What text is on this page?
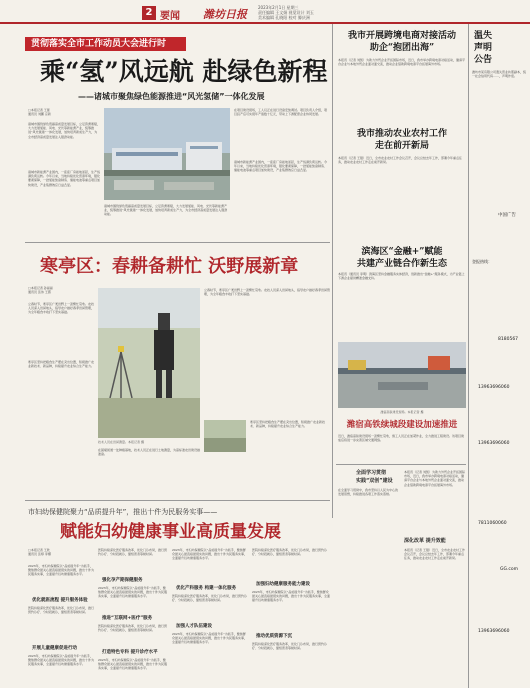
2 要闻 潍坊日报
2023年2月1日 星期三
责任编辑 王文娟 视觉设计 刘玉
美术编辑 孔晓阳 校对 滕庆洲
贯彻落实全市工作动员大会进行时
乘“氢”风远航 赴绿色新程
——诸城市聚焦绿色能源推进“风光氢储”一体化发展
□本报记者 王蕾
通讯员 刘鹏 宗新
诸城市围绕绿色低碳高质量发展目标，立足资源禀赋，大力发展氢能、风电、光伏等新能源产业，统筹推进“风光氢储”一体化发展，加快培育新质生产力，为全市经济高质量发展注入强劲动能。
诸城市新能源产业园内，一座座厂房拔地而起，生产线满负荷运转。今年以来，当地持续优化营商环境，强化要素保障，一批氢能装备制造、储能电池等重点项目加快建设，产业集群效应日益凸显。
在项目建设现场，工人们正在进行设备安装调试。项目负责人介绍，项目投产后可实现年产值数十亿元，带动上下游配套企业协同发展。
诸城市新能源产业园内，一座座厂房拔地而起，生产线满负荷运转。今年以来，当地持续优化营商环境，强化要素保障，一批氢能装备制造、储能电池等重点项目加快建设，产业集群效应日益凸显。
诸城市围绕绿色低碳高质量发展目标，立足资源禀赋，大力发展氢能、风电、光伏等新能源产业，统筹推进“风光氢储”一体化发展，加快培育新质生产力，为全市经济高质量发展注入强劲动能。
寒亭区：春耕备耕忙 沃野展新章
□本报记者 孙丽丽
通讯员 张伟 王霞
立春时节，寒亭区广袤田野上一派繁忙景象。农技人员深入田间地头，指导农户做好春季田间管理，为全年粮食丰收打下坚实基础。
寒亭区坚持把粮食生产摆在突出位置，积极推广农业新技术、新品种，持续提升农业综合生产能力。
技术人员在田间测量。本报记者 摄
在固堤街道一处种植基地，技术人员正在进行土地测量，为高标准农田建设做准备。
立春时节，寒亭区广袤田野上一派繁忙景象。农技人员深入田间地头，指导农户做好春季田间管理，为全年粮食丰收打下坚实基础。
寒亭区坚持把粮食生产摆在突出位置，积极推广农业新技术、新品种，持续提升农业综合生产能力。
我市开展跨境电商对接活动
助企“抱团出海”
本报讯（记者 刘凯）为助力外贸企业开拓国际市场，近日，我市举办跨境电商对接活动，邀请平台企业与本地外贸企业面对面交流，推动企业借助跨境电商平台拓展海外市场。
我市推动农业农村工作
走在前开新局
本报讯（记者 王强）近日，全市农业农村工作会议召开，会议总结去年工作，部署今年重点任务，推动农业农村工作走在前开新局。
滨海区“金融+”赋能
共建产业链合作新生态
本报讯（通讯员 李明）滨海区坚持金融服务实体经济，创新推出“金融+”服务模式，为产业链上下游企业提供精准金融支持。
潍宿高铁建设现场。本报记者 摄
潍宿高铁续城段建设加速推进
近日，潍宿高铁建设现场一派繁忙景象，施工人员正在加紧作业，全力推进工程建设。该项目建成后将进一步完善区域交通网络。
全面学习贯彻
实践“双创”建设
在全面学习贯彻中，我市坚持以人民为中心的发展思想，持续推进各项工作落实落细。
深化改革 提升效能
本报讯（记者 刘凯）为助力外贸企业开拓国际市场，近日，我市举办跨境电商对接活动，邀请平台企业与本地外贸企业面对面交流，推动企业借助跨境电商平台拓展海外市场。
本报讯（记者 王强）近日，全市农业农村工作会议召开，会议总结去年工作，部署今年重点任务，推动农业农村工作走在前开新局。
市妇幼保健院聚力“品质提升年”，推出十件为民服务实事——
赋能妇幼健康事业高质量发展
□本报记者 王欣
通讯员 张婷 李娜
2023年，市妇幼保健院以“品质提升年”为抓手，聚焦群众最关心最直接最现实的问题，推出十件为民服务实事，全面提升妇幼健康服务水平。
优化就医流程 提升服务体验
医院持续深化医疗服务改革，优化门诊布局，推行预约诊疗、分时段就诊，缩短患者等候时间。
开展儿童健康促进行动
2023年，市妇幼保健院以“品质提升年”为抓手，聚焦群众最关心最直接最现实的问题，推出十件为民服务实事，全面提升妇幼健康服务水平。
医院持续深化医疗服务改革，优化门诊布局，推行预约诊疗、分时段就诊，缩短患者等候时间。
强化孕产期保健服务
2023年，市妇幼保健院以“品质提升年”为抓手，聚焦群众最关心最直接最现实的问题，推出十件为民服务实事，全面提升妇幼健康服务水平。
推进“互联网+医疗”服务
医院持续深化医疗服务改革，优化门诊布局，推行预约诊疗、分时段就诊，缩短患者等候时间。
打造特色专科 提升诊疗水平
2023年，市妇幼保健院以“品质提升年”为抓手，聚焦群众最关心最直接最现实的问题，推出十件为民服务实事，全面提升妇幼健康服务水平。
2023年，市妇幼保健院以“品质提升年”为抓手，聚焦群众最关心最直接最现实的问题，推出十件为民服务实事，全面提升妇幼健康服务水平。
优化产科服务 构建一体化服务
医院持续深化医疗服务改革，优化门诊布局，推行预约诊疗、分时段就诊，缩短患者等候时间。
加强人才队伍建设
2023年，市妇幼保健院以“品质提升年”为抓手，聚焦群众最关心最直接最现实的问题，推出十件为民服务实事，全面提升妇幼健康服务水平。
医院持续深化医疗服务改革，优化门诊布局，推行预约诊疗、分时段就诊，缩短患者等候时间。
加强妇幼健康服务能力建设
2023年，市妇幼保健院以“品质提升年”为抓手，聚焦群众最关心最直接最现实的问题，推出十件为民服务实事，全面提升妇幼健康服务水平。
推动优质资源下沉
医院持续深化医疗服务改革，优化门诊布局，推行预约诊疗、分时段就诊，缩短患者等候时间。
温失
声明
公告
潍坊市某有限公司遗失营业执照副本，统一社会信用代码……，声明作废。
中国广告
登报热线：
8180567
13963696060
13963696060
7811060060
GG.com
13963696060
